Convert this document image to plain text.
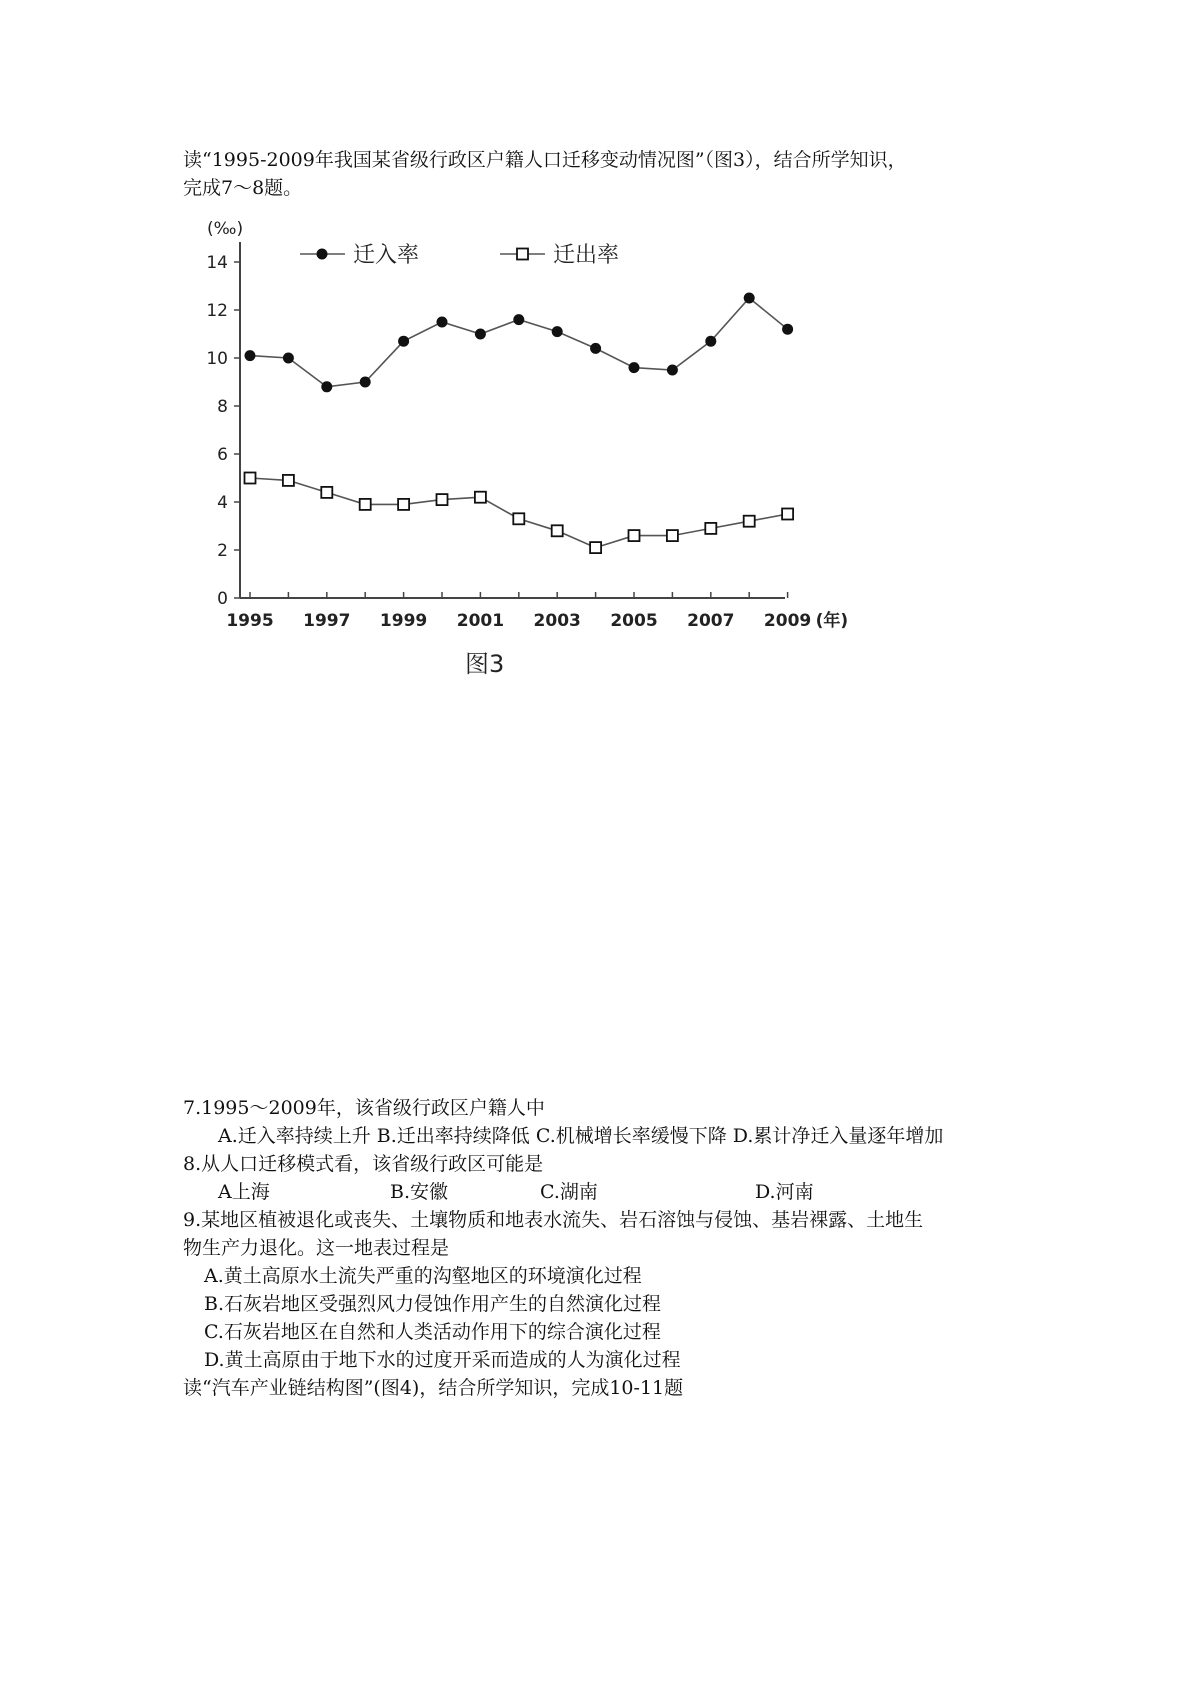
读“1995-2009年我国某省级行政区户籍人口迁移变动情况图”（图3），结合所学知识，
完成7～8题。
(‰)
图3
0
2
4
6
8
10
12
14
1995 1997 1999 2001 2003 2005 2007 2009 (年)
迁入率	迁出率
7.1995～2009年，该省级行政区户籍人中
A.迁入率持续上升 B.迁出率持续降低 C.机械增长率缓慢下降 D.累计净迁入量逐年增加
8.从人口迁移模式看，该省级行政区可能是
A上海	B.安徽	C.湖南	D.河南
9.某地区植被退化或丧失、土壤物质和地表水流失、岩石溶蚀与侵蚀、基岩裸露、土地生
物生产力退化。这一地表过程是
A.黄土高原水土流失严重的沟壑地区的环境演化过程
B.石灰岩地区受强烈风力侵蚀作用产生的自然演化过程
C.石灰岩地区在自然和人类活动作用下的综合演化过程
D.黄土高原由于地下水的过度开采而造成的人为演化过程
读“汽车产业链结构图”(图4)，结合所学知识，完成10-11题
